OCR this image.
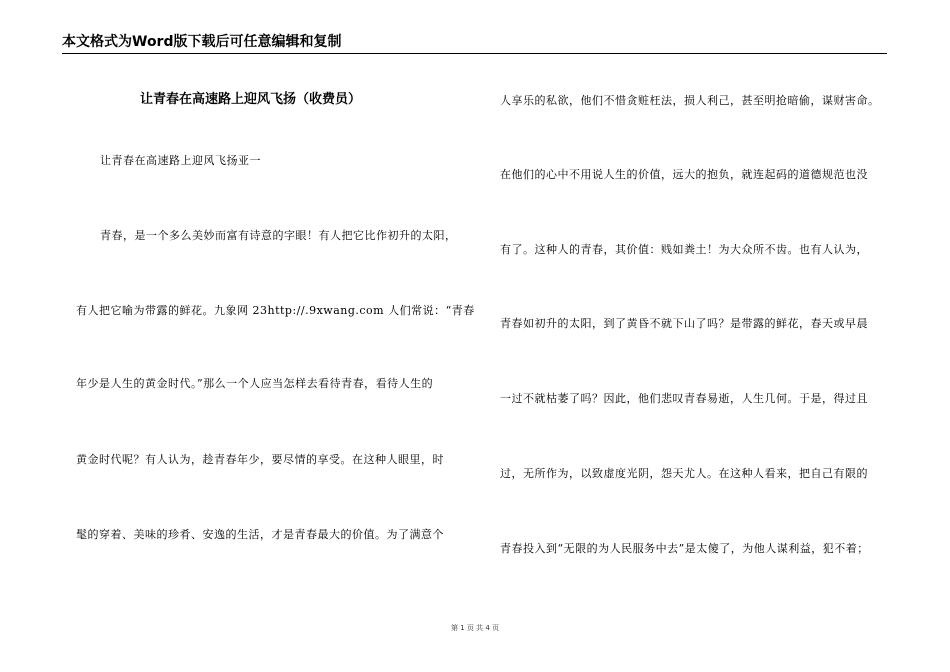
本文格式为Word版下载后可任意编辑和复制
让青春在高速路上迎风飞扬（收费员）
让青春在高速路上迎风飞扬亚一
青春，是一个多么美妙而富有诗意的字眼！有人把它比作初升的太阳，
有人把它喻为带露的鲜花。九象网 23http://.9xwang.com 人们常说：“青春
年少是人生的黄金时代。”那么一个人应当怎样去看待青春，看待人生的
黄金时代呢？有人认为，趁青春年少，要尽情的享受。在这种人眼里，时
髦的穿着、美味的珍肴、安逸的生活，才是青春最大的价值。为了满意个
人享乐的私欲，他们不惜贪赃枉法，损人利己，甚至明抢暗偷，谋财害命。
在他们的心中不用说人生的价值，远大的抱负，就连起码的道德规范也没
有了。这种人的青春，其价值：贱如粪土！为大众所不齿。也有人认为，
青春如初升的太阳，到了黄昏不就下山了吗？是带露的鲜花，春天或早晨
一过不就枯萎了吗？因此，他们悲叹青春易逝，人生几何。于是，得过且
过，无所作为，以致虚度光阴，怨天尤人。在这种人看来，把自己有限的
青春投入到“无限的为人民服务中去”是太傻了，为他人谋利益，犯不着；
第 1 页 共 4 页
